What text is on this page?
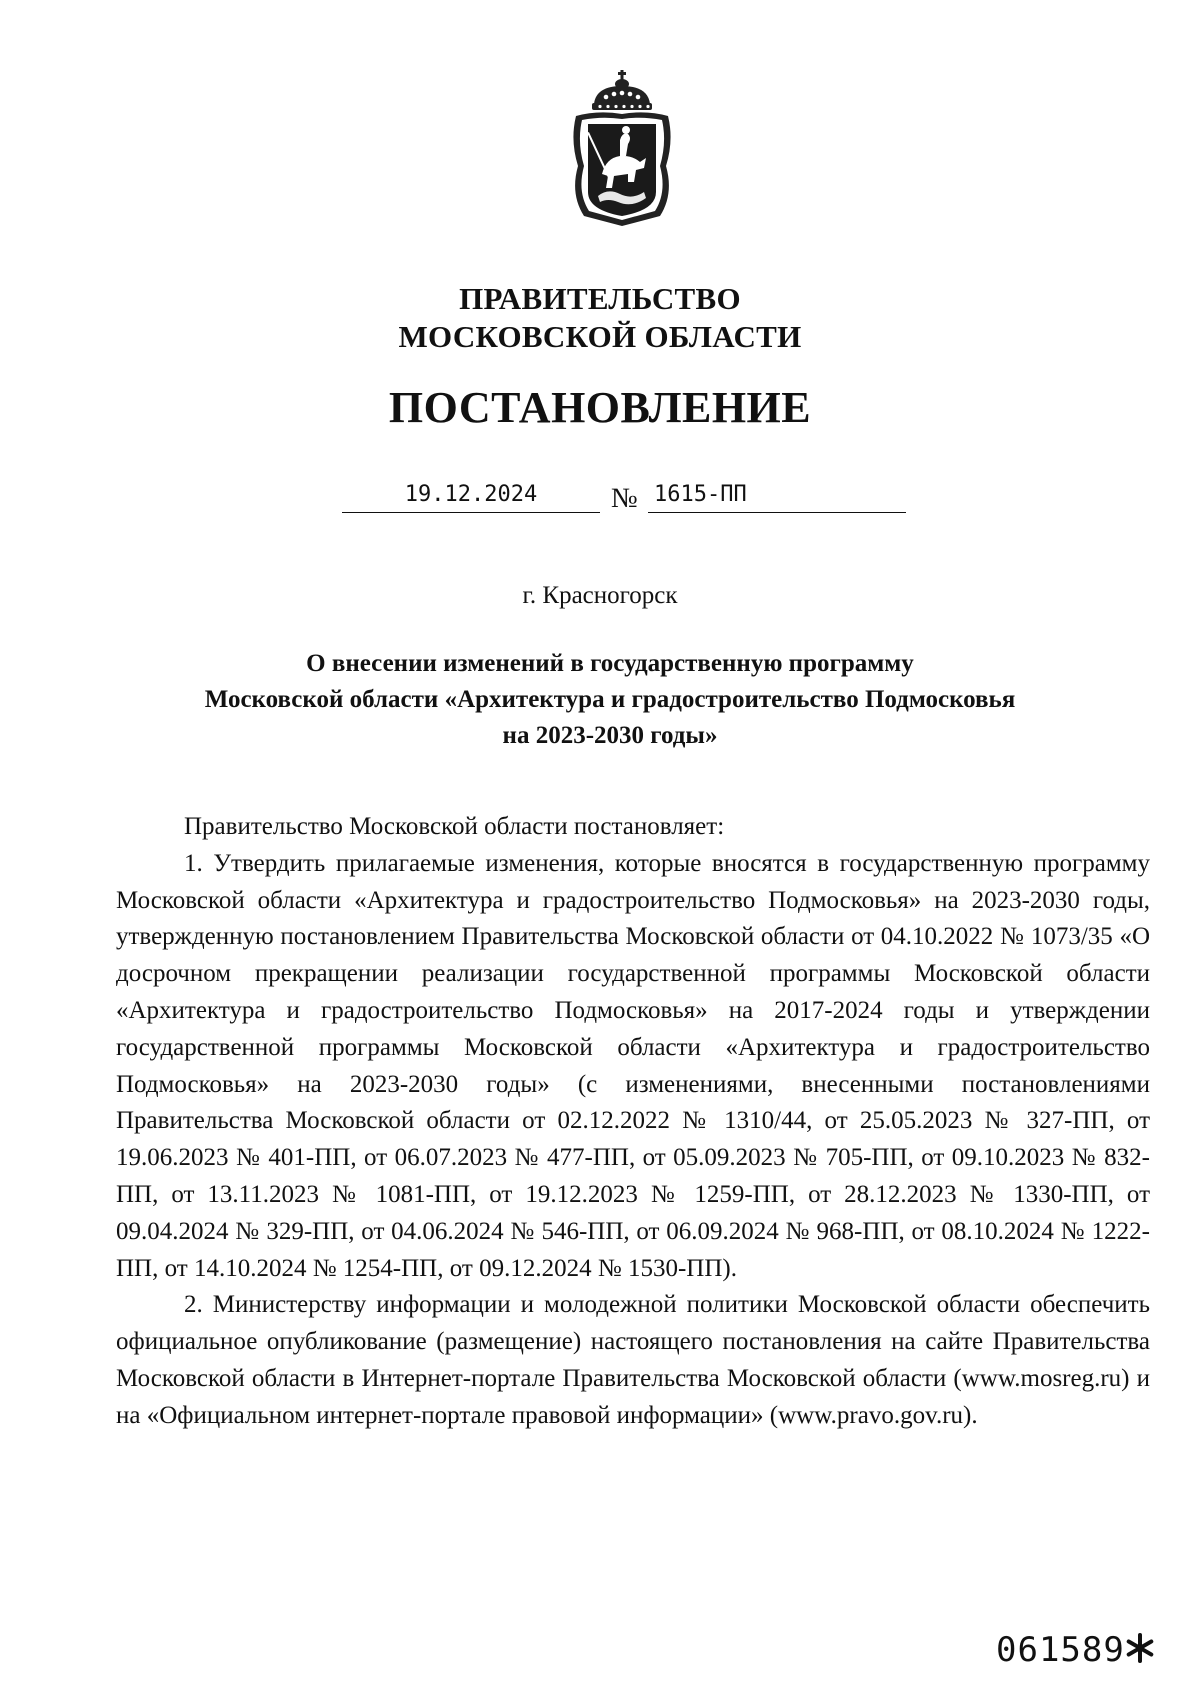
ПРАВИТЕЛЬСТВО
МОСКОВСКОЙ ОБЛАСТИ
ПОСТАНОВЛЕНИЕ
19.12.2024	№ 1615-ПП
г. Красногорск
О внесении изменений в государственную программу
Московской области «Архитектура и градостроительство Подмосковья
на 2023-2030 годы»

Правительство Московской области постановляет:

1. Утвердить прилагаемые изменения, которые вносятся в государственную программу Московской области «Архитектура и градостроительство Подмосковья» на 2023-2030 годы, утвержденную постановлением Правительства Московской области от 04.10.2022 № 1073/35 «О досрочном прекращении реализации государственной программы Московской области «Архитектура и градостроительство Подмосковья» на 2017-2024 годы и утверждении государственной программы Московской области «Архитектура и градостроительство Подмосковья» на 2023-2030 годы» (с изменениями, внесенными постановлениями Правительства Московской области от 02.12.2022 № 1310/44, от 25.05.2023 № 327-ПП, от 19.06.2023 № 401-ПП, от 06.07.2023 № 477-ПП, от 05.09.2023 № 705-ПП, от 09.10.2023 № 832-ПП, от 13.11.2023 № 1081-ПП, от 19.12.2023 № 1259-ПП, от 28.12.2023 № 1330-ПП, от 09.04.2024 № 329-ПП, от 04.06.2024 № 546-ПП, от 06.09.2024 № 968-ПП, от 08.10.2024 № 1222-ПП, от 14.10.2024 № 1254-ПП, от 09.12.2024 № 1530-ПП).

2. Министерству информации и молодежной политики Московской области обеспечить официальное опубликование (размещение) настоящего постановления на сайте Правительства Московской области в Интернет-портале Правительства Московской области (www.mosreg.ru) и на «Официальном интернет-портале правовой информации» (www.pravo.gov.ru).

061589
